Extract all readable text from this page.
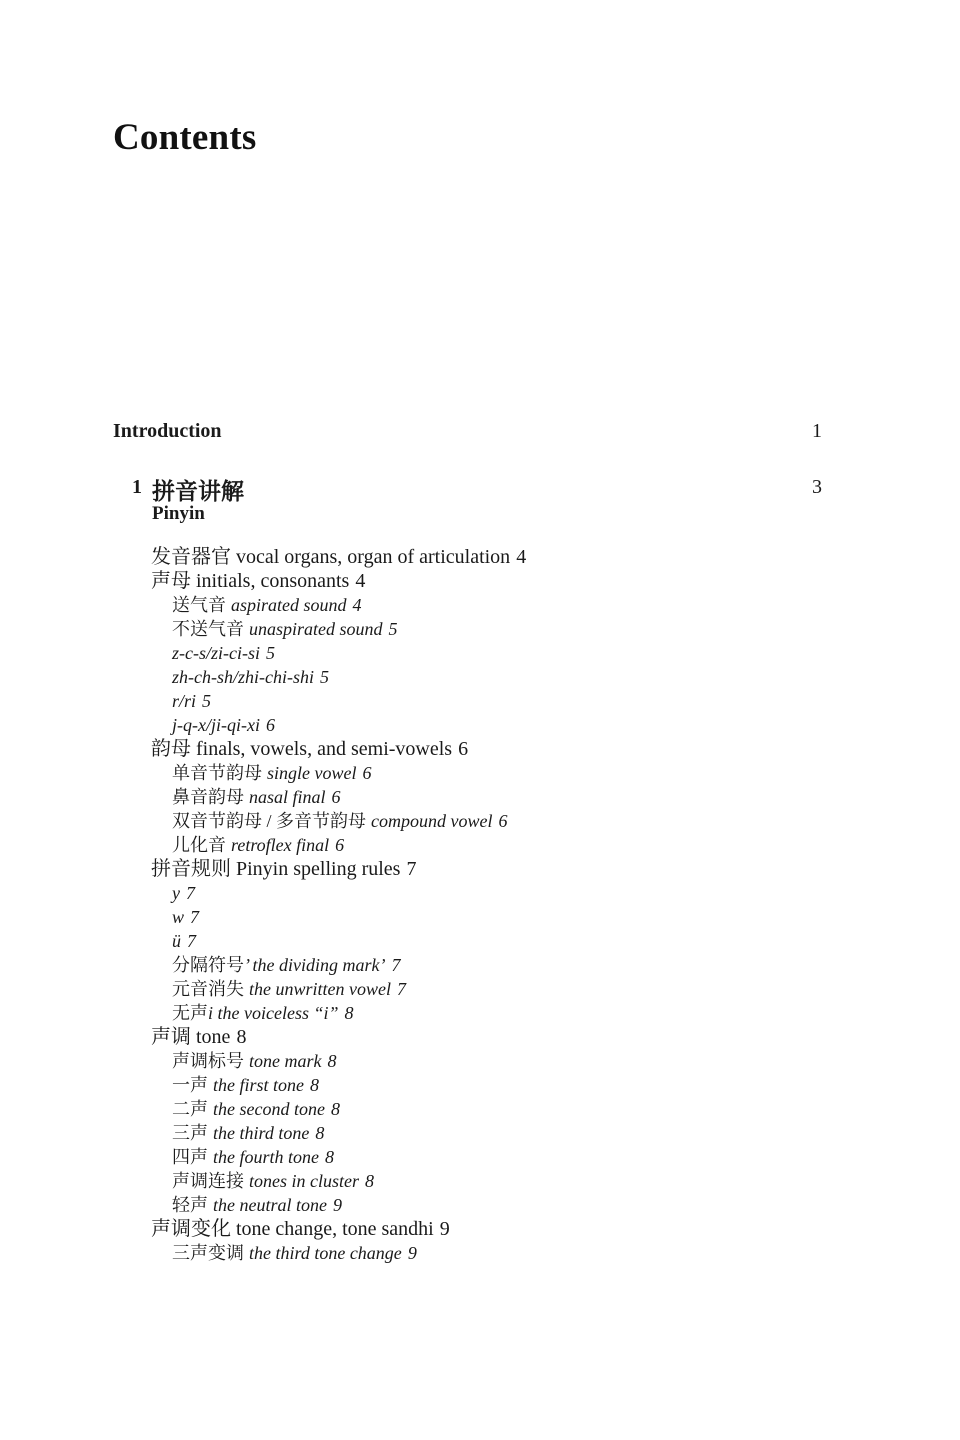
Contents
Introduction	1
1 拼音讲解
Pinyin
3
发音器官 vocal organs, organ of articulation 4
声母 initials, consonants 4
送气音 aspirated sound 4
不送气音 unaspirated sound 5
z-c-s/zi-ci-si 5
zh-ch-sh/zhi-chi-shi 5
r/ri 5
j-q-x/ji-qi-xi 6
韵母 finals, vowels, and semi-vowels 6
单音节韵母 single vowel 6
鼻音韵母 nasal final 6
双音节韵母 / 多音节韵母 compound vowel 6
儿化音 retroflex final 6
拼音规则 Pinyin spelling rules 7
y 7
w 7
ü 7
分隔符号’ the dividing mark’ 7
元音消失 the unwritten vowel 7
无声i the voiceless “i” 8
声调 tone 8
声调标号 tone mark 8
一声 the first tone 8
二声 the second tone 8
三声 the third tone 8
四声 the fourth tone 8
声调连接 tones in cluster 8
轻声 the neutral tone 9
声调变化 tone change, tone sandhi 9
三声变调 the third tone change 9
